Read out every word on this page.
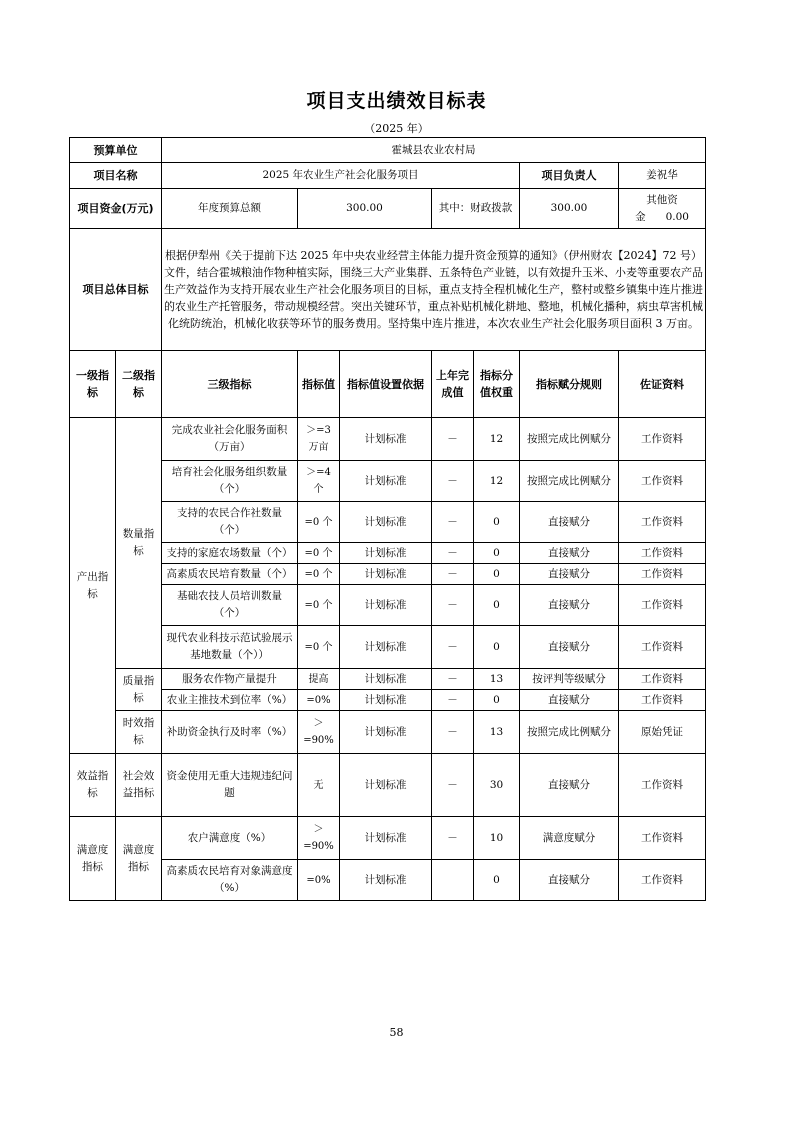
项目支出绩效目标表
（2025 年）
预算单位		霍城县农业农村局						
项目名称		2025 年农业生产社会化服务项目					项目负责人	姜祝华
项目资金(万元)		年度预算总额	300.00		其中：财政拨款		300.00	其他资金 0.00
项目总体目标		根据伊犁州《关于提前下达 2025 年中央农业经营主体能力提升资金预算的通知》（伊州财农【2024】72 号）文件，结合霍城粮油作物种植实际，围绕三大产业集群、五条特色产业链，以有效提升玉米、小麦等重要农产品生产效益作为支持开展农业生产社会化服务项目的目标，重点支持全程机械化生产，整村或整乡镇集中连片推进的农业生产托管服务，带动规模经营。突出关键环节，重点补贴机械化耕地、整地，机械化播种，病虫草害机械化统防统治，机械化收获等环节的服务费用。坚持集中连片推进，本次农业生产社会化服务项目面积 3 万亩。						
一级指标	二级指标	三级指标	指标值	指标值设置依据	上年完成值	指标分值权重	指标赋分规则	佐证资料
产出指标	数量指标	完成农业社会化服务面积（万亩）	＞=3 万亩	计划标准	－	12	按照完成比例赋分	工作资料
		培育社会化服务组织数量（个）	＞=4 个	计划标准	－	12	按照完成比例赋分	工作资料
		支持的农民合作社数量（个）	=0 个	计划标准	－	0	直接赋分	工作资料
		支持的家庭农场数量（个）	=0 个	计划标准	－	0	直接赋分	工作资料
		高素质农民培育数量（个）	=0 个	计划标准	－	0	直接赋分	工作资料
		基础农技人员培训数量（个）	=0 个	计划标准	－	0	直接赋分	工作资料
		现代农业科技示范试验展示基地数量（个））	=0 个	计划标准	－	0	直接赋分	工作资料
	质量指标	服务农作物产量提升	提高	计划标准	－	13	按评判等级赋分	工作资料
		农业主推技术到位率（%）	=0%	计划标准	－	0	直接赋分	工作资料
	时效指标	补助资金执行及时率（%）	＞=90%	计划标准	－	13	按照完成比例赋分	原始凭证
效益指标	社会效益指标	资金使用无重大违规违纪问题	无	计划标准	－	30	直接赋分	工作资料
满意度指标	满意度指标	农户满意度（%）	＞=90%	计划标准	－	10	满意度赋分	工作资料
		高素质农民培育对象满意度（%）	=0%	计划标准		0	直接赋分	工作资料
58
